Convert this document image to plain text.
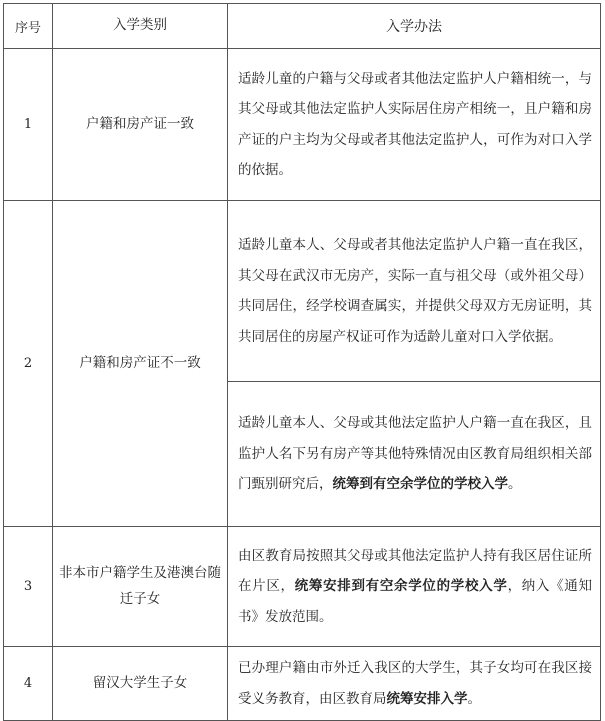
序号	入学类别	入学办法
1	户籍和房产证一致	适龄儿童的户籍与父母或者其他法定监护人户籍相统一，与其父母或其他法定监护人实际居住房产相统一，且户籍和房产证的户主均为父母或者其他法定监护人，可作为对口入学的依据。
2	户籍和房产证不一致	适龄儿童本人、父母或者其他法定监护人户籍一直在我区，其父母在武汉市无房产，实际一直与祖父母（或外祖父母）共同居住，经学校调查属实，并提供父母双方无房证明，其共同居住的房屋产权证可作为适龄儿童对口入学依据。
		适龄儿童本人、父母或其他法定监护人户籍一直在我区，且监护人名下另有房产等其他特殊情况由区教育局组织相关部门甄别研究后，统筹到有空余学位的学校入学。
3	非本市户籍学生及港澳台随迁子女	由区教育局按照其父母或其他法定监护人持有我区居住证所在片区，统筹安排到有空余学位的学校入学，纳入《通知书》发放范围。
4	留汉大学生子女	已办理户籍由市外迁入我区的大学生，其子女均可在我区接受义务教育，由区教育局统筹安排入学。
